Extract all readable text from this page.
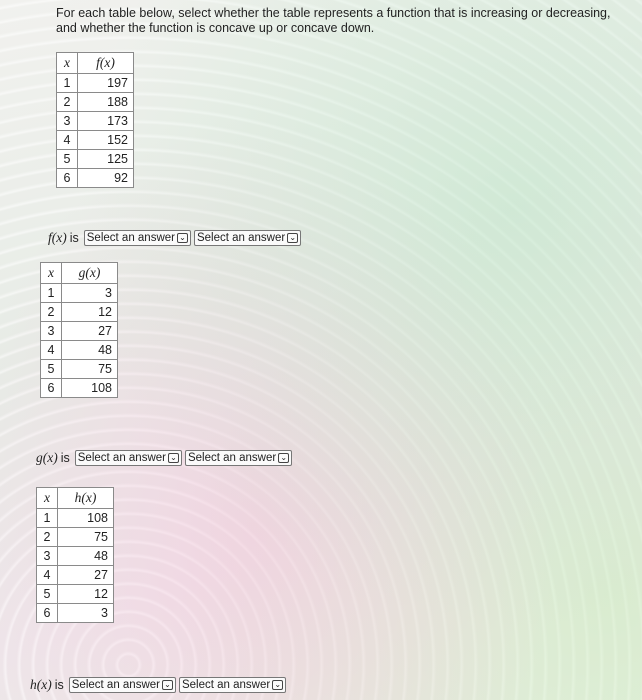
For each table below, select whether the table represents a function that is increasing or decreasing,
and whether the function is concave up or concave down.
x	f(x)
1	197
2	188
3	173
4	152
5	125
6	92
f(x) is Select an answer ⌄ Select an answer ⌄
x	g(x)
1	3
2	12
3	27
4	48
5	75
6	108
g(x) is Select an answer ⌄ Select an answer ⌄
x	h(x)
1	108
2	75
3	48
4	27
5	12
6	3
h(x) is Select an answer ⌄ Select an answer ⌄
